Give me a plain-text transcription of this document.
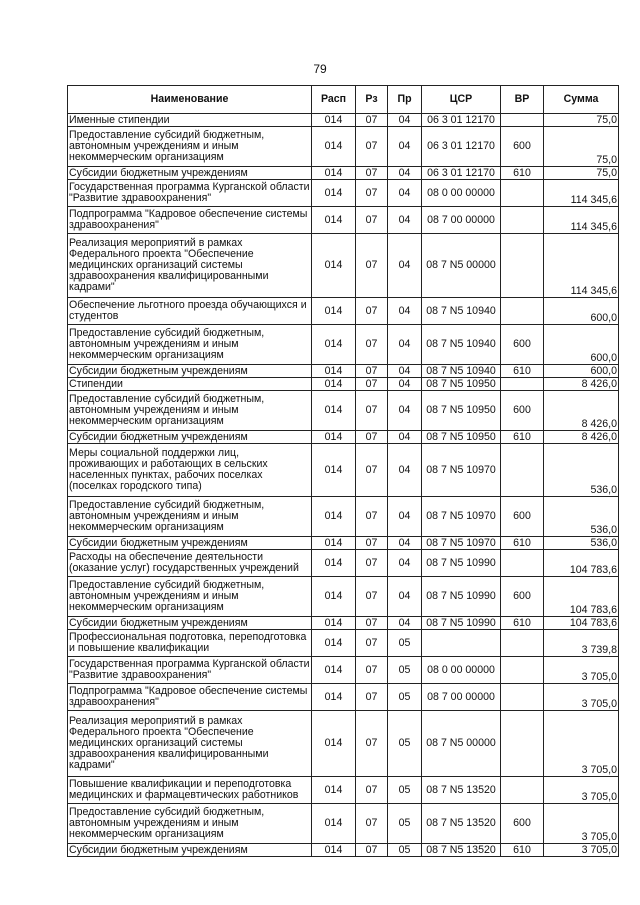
79
Наименование	Расп	Рз	Пр	ЦСР	ВР	Сумма
Именные стипендии	014	07	04	06 3 01 12170		75,0
Предоставление субсидий бюджетным, автономным учреждениям и иным некоммерческим организациям	014	07	04	06 3 01 12170	600	75,0
Субсидии бюджетным учреждениям	014	07	04	06 3 01 12170	610	75,0
Государственная программа Курганской области "Развитие здравоохранения"	014	07	04	08 0 00 00000		114 345,6
Подпрограмма "Кадровое обеспечение системы здравоохранения"	014	07	04	08 7 00 00000		114 345,6
Реализация мероприятий в рамках Федерального проекта "Обеспечение медицинских организаций системы здравоохранения квалифицированными кадрами"	014	07	04	08 7 N5 00000		114 345,6
Обеспечение льготного проезда обучающихся и студентов	014	07	04	08 7 N5 10940		600,0
Предоставление субсидий бюджетным, автономным учреждениям и иным некоммерческим организациям	014	07	04	08 7 N5 10940	600	600,0
Субсидии бюджетным учреждениям	014	07	04	08 7 N5 10940	610	600,0
Стипендии	014	07	04	08 7 N5 10950		8 426,0
Предоставление субсидий бюджетным, автономным учреждениям и иным некоммерческим организациям	014	07	04	08 7 N5 10950	600	8 426,0
Субсидии бюджетным учреждениям	014	07	04	08 7 N5 10950	610	8 426,0
Меры социальной поддержки лиц, проживающих и работающих в сельских населенных пунктах, рабочих поселках (поселках городского типа)	014	07	04	08 7 N5 10970		536,0
Предоставление субсидий бюджетным, автономным учреждениям и иным некоммерческим организациям	014	07	04	08 7 N5 10970	600	536,0
Субсидии бюджетным учреждениям	014	07	04	08 7 N5 10970	610	536,0
Расходы на обеспечение деятельности (оказание услуг) государственных учреждений	014	07	04	08 7 N5 10990		104 783,6
Предоставление субсидий бюджетным, автономным учреждениям и иным некоммерческим организациям	014	07	04	08 7 N5 10990	600	104 783,6
Субсидии бюджетным учреждениям	014	07	04	08 7 N5 10990	610	104 783,6
Профессиональная подготовка, переподготовка и повышение квалификации	014	07	05			3 739,8
Государственная программа Курганской области "Развитие здравоохранения"	014	07	05	08 0 00 00000		3 705,0
Подпрограмма "Кадровое обеспечение системы здравоохранения"	014	07	05	08 7 00 00000		3 705,0
Реализация мероприятий в рамках Федерального проекта "Обеспечение медицинских организаций системы здравоохранения квалифицированными кадрами"	014	07	05	08 7 N5 00000		3 705,0
Повышение квалификации и переподготовка медицинских и фармацевтических работников	014	07	05	08 7 N5 13520		3 705,0
Предоставление субсидий бюджетным, автономным учреждениям и иным некоммерческим организациям	014	07	05	08 7 N5 13520	600	3 705,0
Субсидии бюджетным учреждениям	014	07	05	08 7 N5 13520	610	3 705,0
